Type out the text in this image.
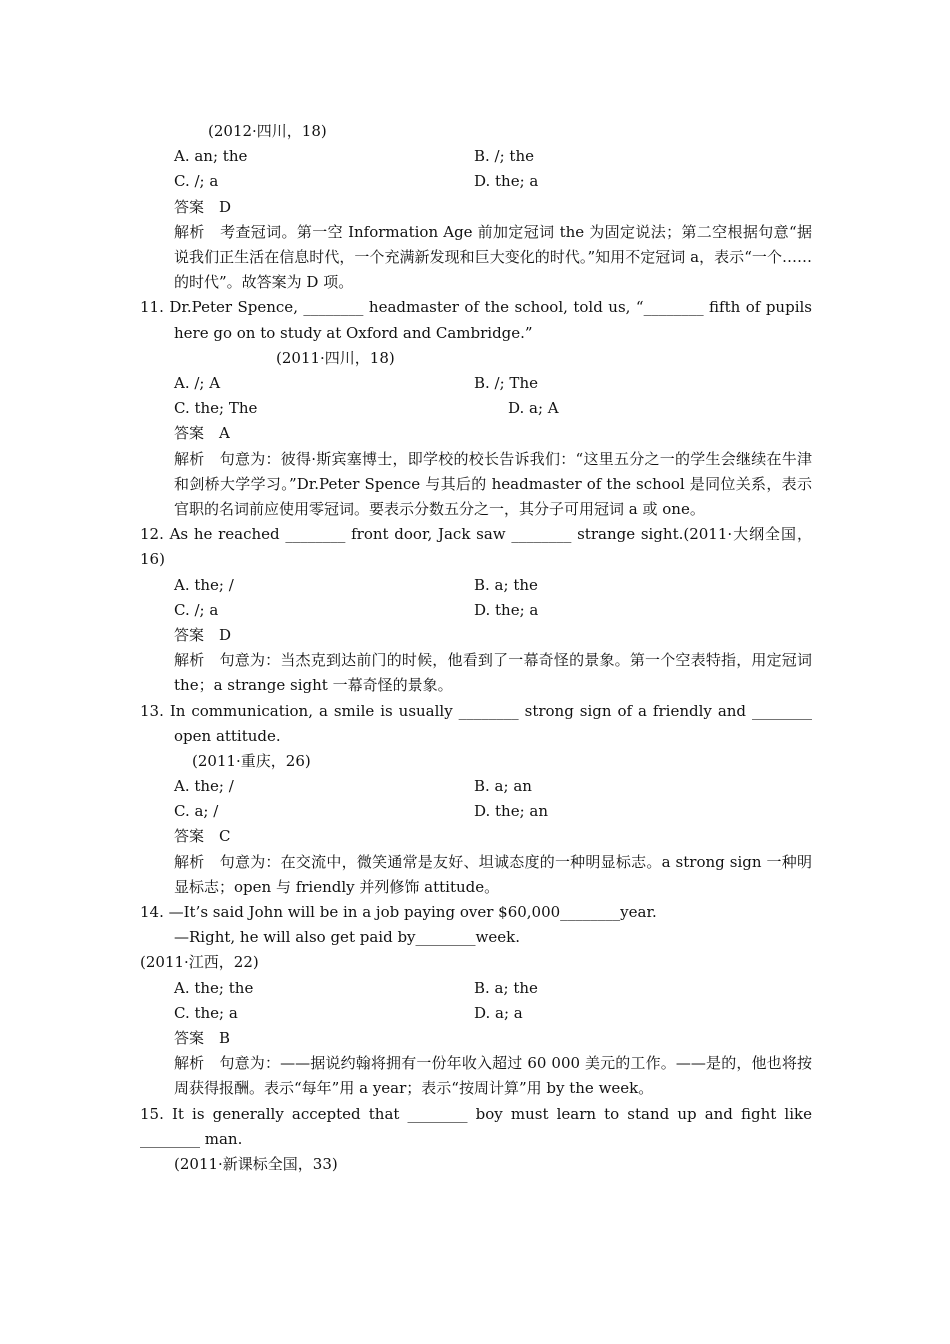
(2012·四川，18)
A. an; the	B. /; the
C. /; a	D. the; a
答案　D
解析　考查冠词。第一空 Information Age 前加定冠词 the 为固定说法；第二空根据句意“据说我们正生活在信息时代，一个充满新发现和巨大变化的时代。”知用不定冠词 a，表示“一个……的时代”。故答案为 D 项。
11. Dr.Peter Spence, ________ headmaster of the school, told us, “________ fifth of pupils here go on to study at Oxford and Cambridge.”
(2011·四川，18)
A. /; A	B. /; The
C. the; The	D. a; A
答案　A
解析　句意为：彼得·斯宾塞博士，即学校的校长告诉我们：“这里五分之一的学生会继续在牛津和剑桥大学学习。”Dr.Peter Spence 与其后的 headmaster of the school 是同位关系，表示官职的名词前应使用零冠词。要表示分数五分之一，其分子可用冠词 a 或 one。
12. As he reached ________ front door, Jack saw ________ strange sight.(2011·大纲全国，16)
A. the; /	B. a; the
C. /; a	D. the; a
答案　D
解析　句意为：当杰克到达前门的时候，他看到了一幕奇怪的景象。第一个空表特指，用定冠词 the；a strange sight 一幕奇怪的景象。
13. In communication, a smile is usually ________ strong sign of a friendly and ________ open attitude.
(2011·重庆，26)
A. the; /	B. a; an
C. a; /	D. the; an
答案　C
解析　句意为：在交流中，微笑通常是友好、坦诚态度的一种明显标志。a strong sign 一种明显标志；open 与 friendly 并列修饰 attitude。
14. —It’s said John will be in a job paying over $60,000________year.
—Right, he will also get paid by________week.
(2011·江西，22)
A. the; the	B. a; the
C. the; a	D. a; a
答案　B
解析　句意为：——据说约翰将拥有一份年收入超过 60 000 美元的工作。——是的，他也将按周获得报酬。表示“每年”用 a year；表示“按周计算”用 by the week。
15. It is generally accepted that ________ boy must learn to stand up and fight like ________ man.
(2011·新课标全国，33)
